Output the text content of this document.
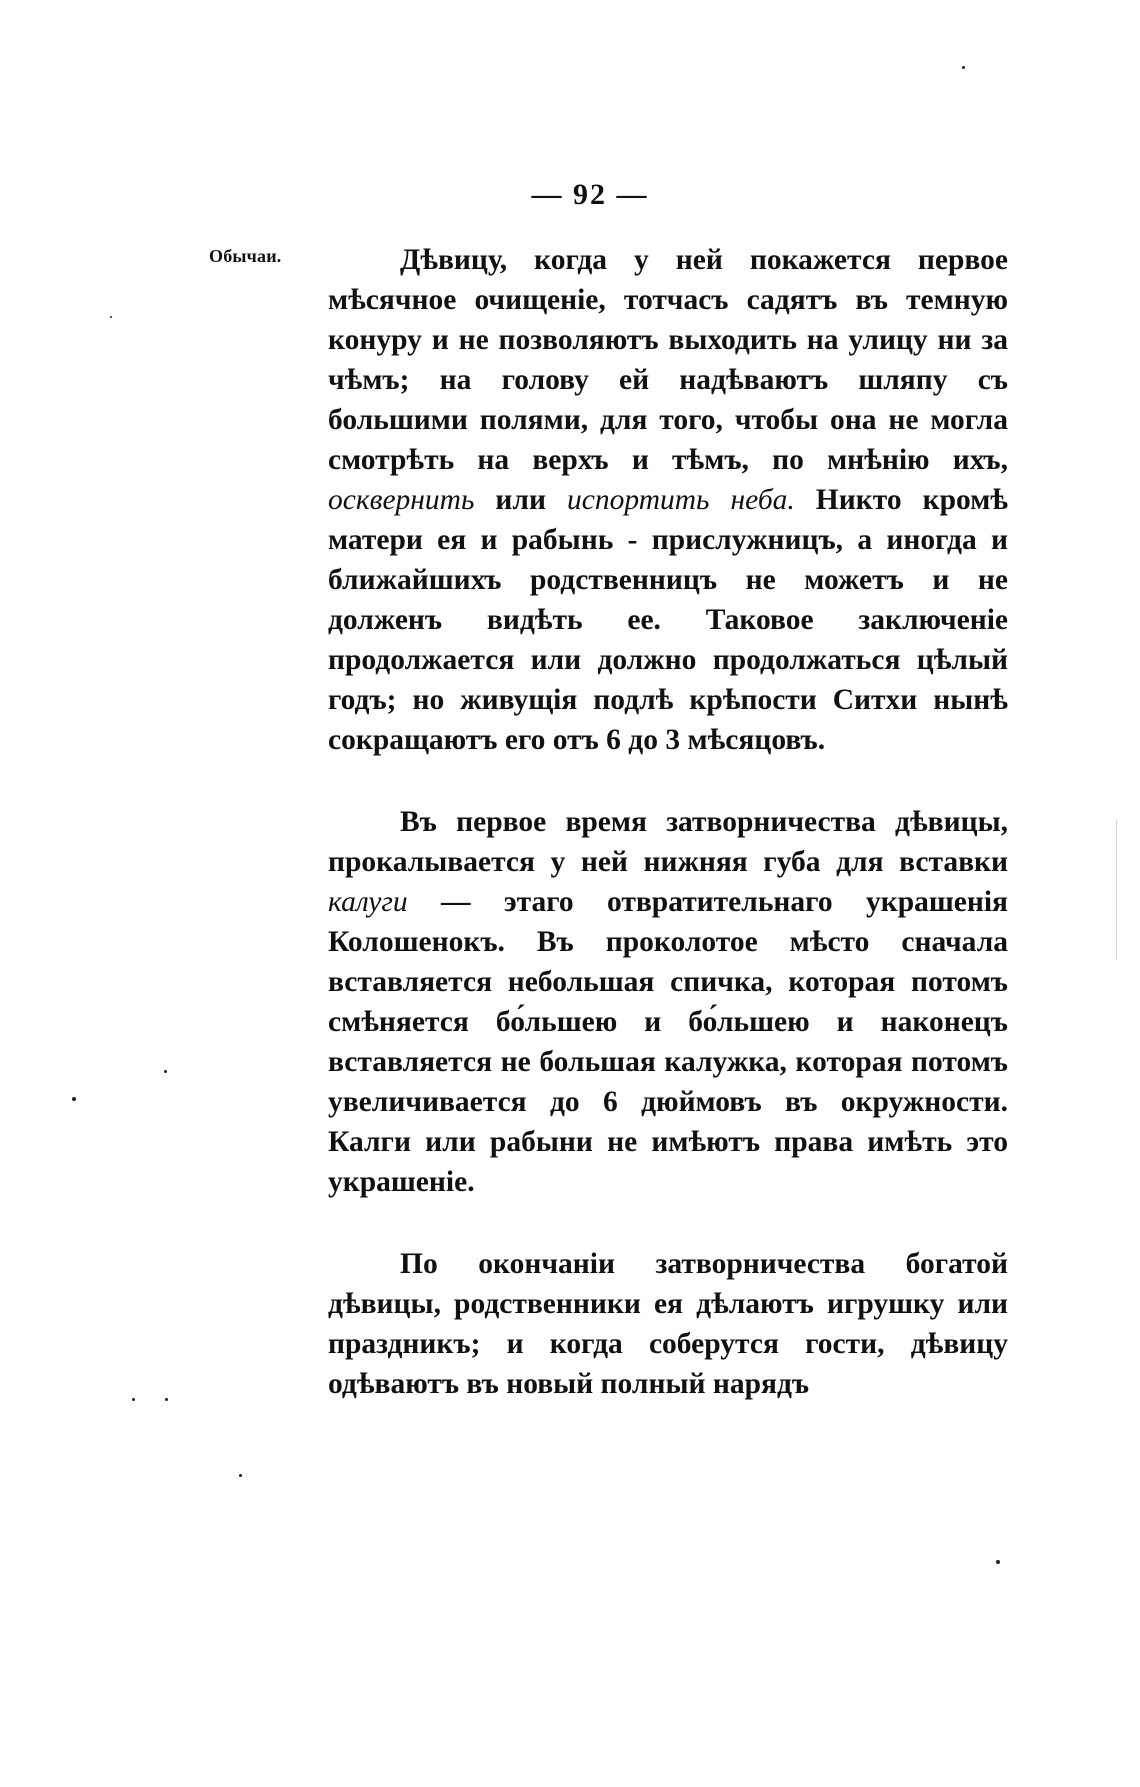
— 92 —
Обычаи.	Дѣвицу, когда у ней покажется первое мѣсячное очищеніе, тотчасъ садятъ въ темную конуру и не позволяютъ выходить на улицу ни за чѣмъ; на голову ей надѣваютъ шляпу съ большими полями, для того, чтобы она не могла смотрѣть на верхъ и тѣмъ, по мнѣнію ихъ, осквернить или испортить неба. Никто кромѣ матери ея и рабынь - прислужницъ, а иногда и ближайшихъ родственницъ не можетъ и не долженъ видѣть ее. Таковое заключеніе продолжается или должно продолжаться цѣлый годъ; но живущія подлѣ крѣпости Ситхи нынѣ сокращаютъ его отъ 6 до 3 мѣсяцовъ.

Въ первое время затворничества дѣвицы, прокалывается у ней нижняя губа для вставки калуги — этаго отвратительнаго украшенія Колошенокъ. Въ проколотое мѣсто сначала вставляется небольшая спичка, которая потомъ смѣняется бо́льшею и бо́льшею и наконецъ вставляется не большая калужка, которая потомъ увеличивается до 6 дюймовъ въ окружности. Калги или рабыни не имѣютъ права имѣть это украшеніе.

По окончаніи затворничества богатой дѣвицы, родственники ея дѣлаютъ игрушку или праздникъ; и когда соберутся гости, дѣвицу одѣваютъ въ новый полный нарядъ
